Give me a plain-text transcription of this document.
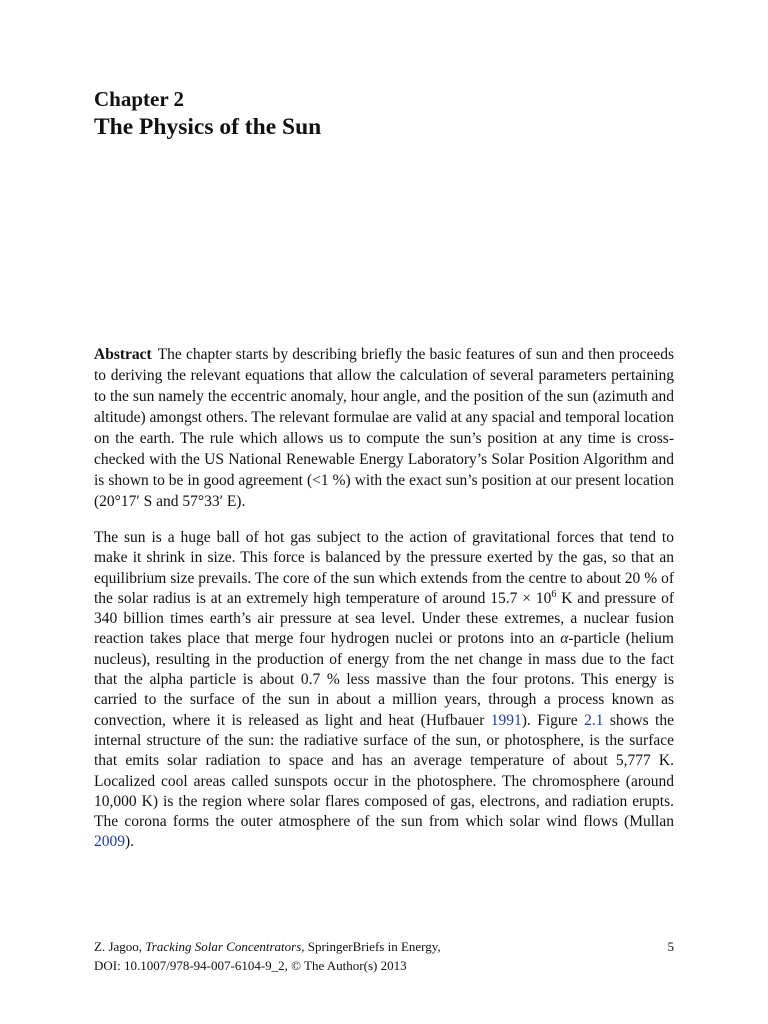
Chapter 2

The Physics of the Sun

Abstract The chapter starts by describing briefly the basic features of sun and then proceeds to deriving the relevant equations that allow the calculation of several parameters pertaining to the sun namely the eccentric anomaly, hour angle, and the position of the sun (azimuth and altitude) amongst others. The relevant formulae are valid at any spacial and temporal location on the earth. The rule which allows us to compute the sun’s position at any time is cross-checked with the US National Renewable Energy Laboratory’s Solar Position Algorithm and is shown to be in good agreement (<1 %) with the exact sun’s position at our present location (20°17′ S and 57°33′ E).

The sun is a huge ball of hot gas subject to the action of gravitational forces that tend to make it shrink in size. This force is balanced by the pressure exerted by the gas, so that an equilibrium size prevails. The core of the sun which extends from the centre to about 20 % of the solar radius is at an extremely high temperature of around $15.7 \times 10^6$ K and pressure of 340 billion times earth’s air pressure at sea level. Under these extremes, a nuclear fusion reaction takes place that merge four hydrogen nuclei or protons into an α-particle (helium nucleus), resulting in the production of energy from the net change in mass due to the fact that the alpha particle is about 0.7 % less massive than the four protons. This energy is carried to the surface of the sun in about a million years, through a process known as convection, where it is released as light and heat (Hufbauer 1991). Figure 2.1 shows the internal structure of the sun: the radiative surface of the sun, or photosphere, is the surface that emits solar radiation to space and has an average temperature of about 5,777 K. Localized cool areas called sunspots occur in the photosphere. The chromosphere (around 10,000 K) is the region where solar flares composed of gas, electrons, and radiation erupts. The corona forms the outer atmosphere of the sun from which solar wind flows (Mullan 2009).

Z. Jagoo, Tracking Solar Concentrators, SpringerBriefs in Energy,	5
DOI: 10.1007/978-94-007-6104-9_2, © The Author(s) 2013
